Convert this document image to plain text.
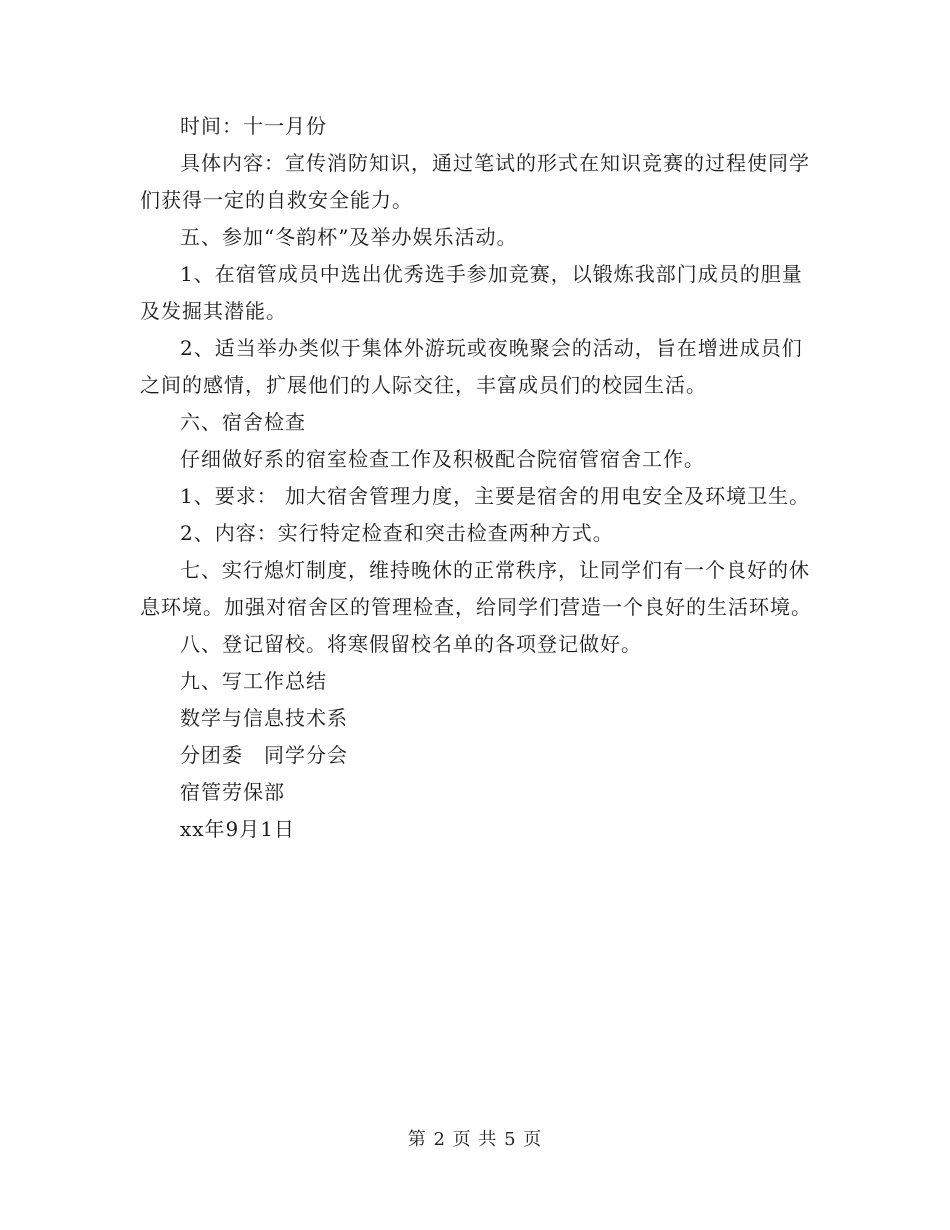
时间：十一月份

具体内容：宣传消防知识，通过笔试的形式在知识竞赛的过程使同学们获得一定的自救安全能力。

五、参加“冬韵杯”及举办娱乐活动。

1、在宿管成员中选出优秀选手参加竞赛，以锻炼我部门成员的胆量及发掘其潜能。

2、适当举办类似于集体外游玩或夜晚聚会的活动，旨在增进成员们之间的感情，扩展他们的人际交往，丰富成员们的校园生活。

六、宿舍检查

仔细做好系的宿室检查工作及积极配合院宿管宿舍工作。

1、要求： 加大宿舍管理力度，主要是宿舍的用电安全及环境卫生。

2、内容：实行特定检查和突击检查两种方式。

七、实行熄灯制度，维持晚休的正常秩序，让同学们有一个良好的休息环境。加强对宿舍区的管理检查，给同学们营造一个良好的生活环境。

八、登记留校。将寒假留校名单的各项登记做好。

九、写工作总结

数学与信息技术系

分团委　同学分会

宿管劳保部

xx年9月1日

第 2 页 共 5 页
